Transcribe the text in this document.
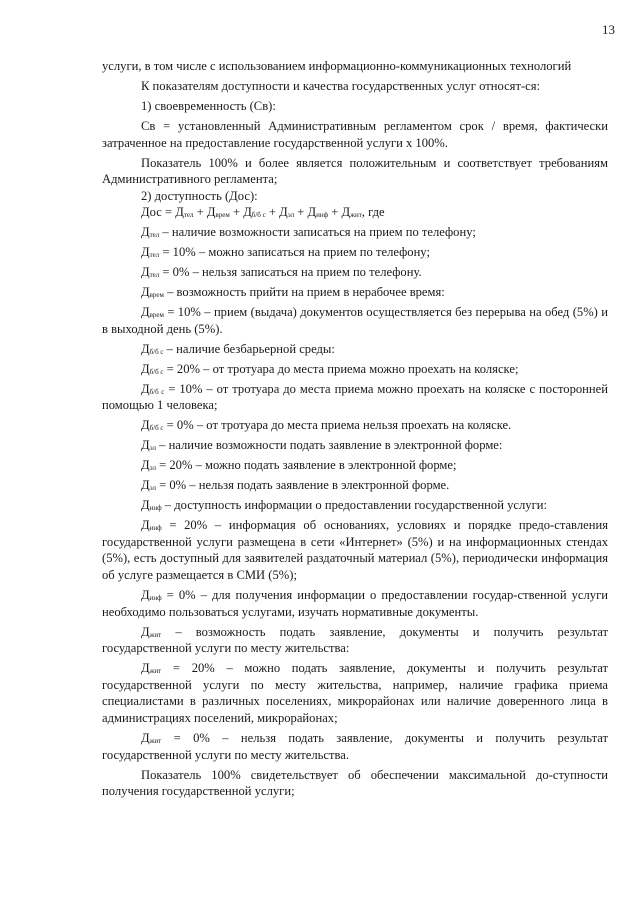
13

услуги, в том числе с использованием информационно-коммуникационных технологий

К показателям доступности и качества государственных услуг относят-ся:

1) своевременность (Св):

Св = установленный Административным регламентом срок / время, фактически затраченное на предоставление государственной услуги х 100%.

Показатель 100% и более является положительным и соответствует требованиям Административного регламента;

2) доступность (Дос):

Дос = $Д_{тел} + Д_{врем} + Д_{б/б с} + Д_{эл} + Д_{инф} + Д_{жит}$, где

$Д_{тел}$ – наличие возможности записаться на прием по телефону;

$Д_{тел} = 10\%$ – можно записаться на прием по телефону;

$Д_{тел} = 0\%$ – нельзя записаться на прием по телефону.

$Д_{врем}$ – возможность прийти на прием в нерабочее время:

$Д_{врем} = 10\%$ – прием (выдача) документов осуществляется без перерыва на обед (5%) и в выходной день (5%).

$Д_{б/б с}$ – наличие безбарьерной среды:

$Д_{б/б с} = 20\%$ – от тротуара до места приема можно проехать на коляске;

$Д_{б/б с} = 10\%$ – от тротуара до места приема можно проехать на коляске с посторонней помощью 1 человека;

$Д_{б/б с} = 0\%$ – от тротуара до места приема нельзя проехать на коляске.

$Д_{эл}$ – наличие возможности подать заявление в электронной форме:

$Д_{эл} = 20\%$ – можно подать заявление в электронной форме;

$Д_{эл} = 0\%$ – нельзя подать заявление в электронной форме.

$Д_{инф}$ – доступность информации о предоставлении государственной услуги:

$Д_{инф} = 20\%$ – информация об основаниях, условиях и порядке предо-ставления государственной услуги размещена в сети «Интернет» (5%) и на информационных стендах (5%), есть доступный для заявителей раздаточный материал (5%), периодически информация об услуге размещается в СМИ (5%);

$Д_{инф} = 0\%$ – для получения информации о предоставлении государ-ственной услуги необходимо пользоваться услугами, изучать нормативные документы.

$Д_{жит}$ – возможность подать заявление, документы и получить результат государственной услуги по месту жительства:

$Д_{жит} = 20\%$ – можно подать заявление, документы и получить результат государственной услуги по месту жительства, например, наличие графика приема специалистами в различных поселениях, микрорайонах или наличие доверенного лица в администрациях поселений, микрорайонах;

$Д_{жит} = 0\%$ – нельзя подать заявление, документы и получить результат государственной услуги по месту жительства.

Показатель 100% свидетельствует об обеспечении максимальной до-ступности получения государственной услуги;
